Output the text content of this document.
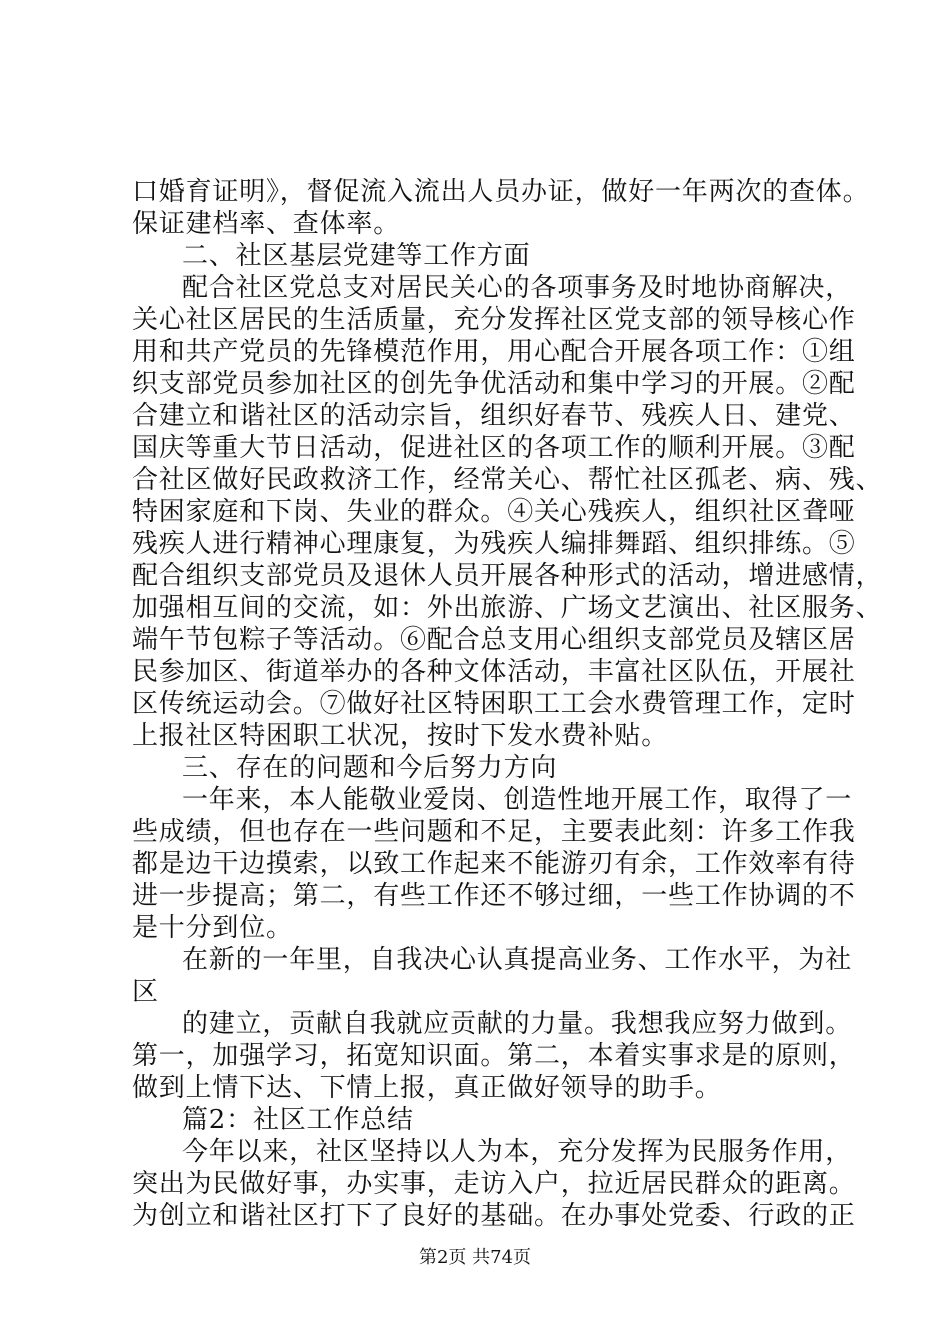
口婚育证明》，督促流入流出人员办证，做好一年两次的查体。
保证建档率、查体率。
二、社区基层党建等工作方面
配合社区党总支对居民关心的各项事务及时地协商解决，
关心社区居民的生活质量，充分发挥社区党支部的领导核心作
用和共产党员的先锋模范作用，用心配合开展各项工作：①组
织支部党员参加社区的创先争优活动和集中学习的开展。②配
合建立和谐社区的活动宗旨，组织好春节、残疾人日、建党、
国庆等重大节日活动，促进社区的各项工作的顺利开展。③配
合社区做好民政救济工作，经常关心、帮忙社区孤老、病、残、
特困家庭和下岗、失业的群众。④关心残疾人，组织社区聋哑
残疾人进行精神心理康复，为残疾人编排舞蹈、组织排练。⑤
配合组织支部党员及退休人员开展各种形式的活动，增进感情，
加强相互间的交流，如：外出旅游、广场文艺演出、社区服务、
端午节包粽子等活动。⑥配合总支用心组织支部党员及辖区居
民参加区、街道举办的各种文体活动，丰富社区队伍，开展社
区传统运动会。⑦做好社区特困职工工会水费管理工作，定时
上报社区特困职工状况，按时下发水费补贴。
三、存在的问题和今后努力方向
一年来，本人能敬业爱岗、创造性地开展工作，取得了一
些成绩，但也存在一些问题和不足，主要表此刻：许多工作我
都是边干边摸索，以致工作起来不能游刃有余，工作效率有待
进一步提高；第二，有些工作还不够过细，一些工作协调的不
是十分到位。
在新的一年里，自我决心认真提高业务、工作水平，为社
区
的建立，贡献自我就应贡献的力量。我想我应努力做到。
第一，加强学习，拓宽知识面。第二，本着实事求是的原则，
做到上情下达、下情上报，真正做好领导的助手。
篇2：社区工作总结
今年以来，社区坚持以人为本，充分发挥为民服务作用，
突出为民做好事，办实事，走访入户，拉近居民群众的距离。
为创立和谐社区打下了良好的基础。在办事处党委、行政的正
第2页 共74页
